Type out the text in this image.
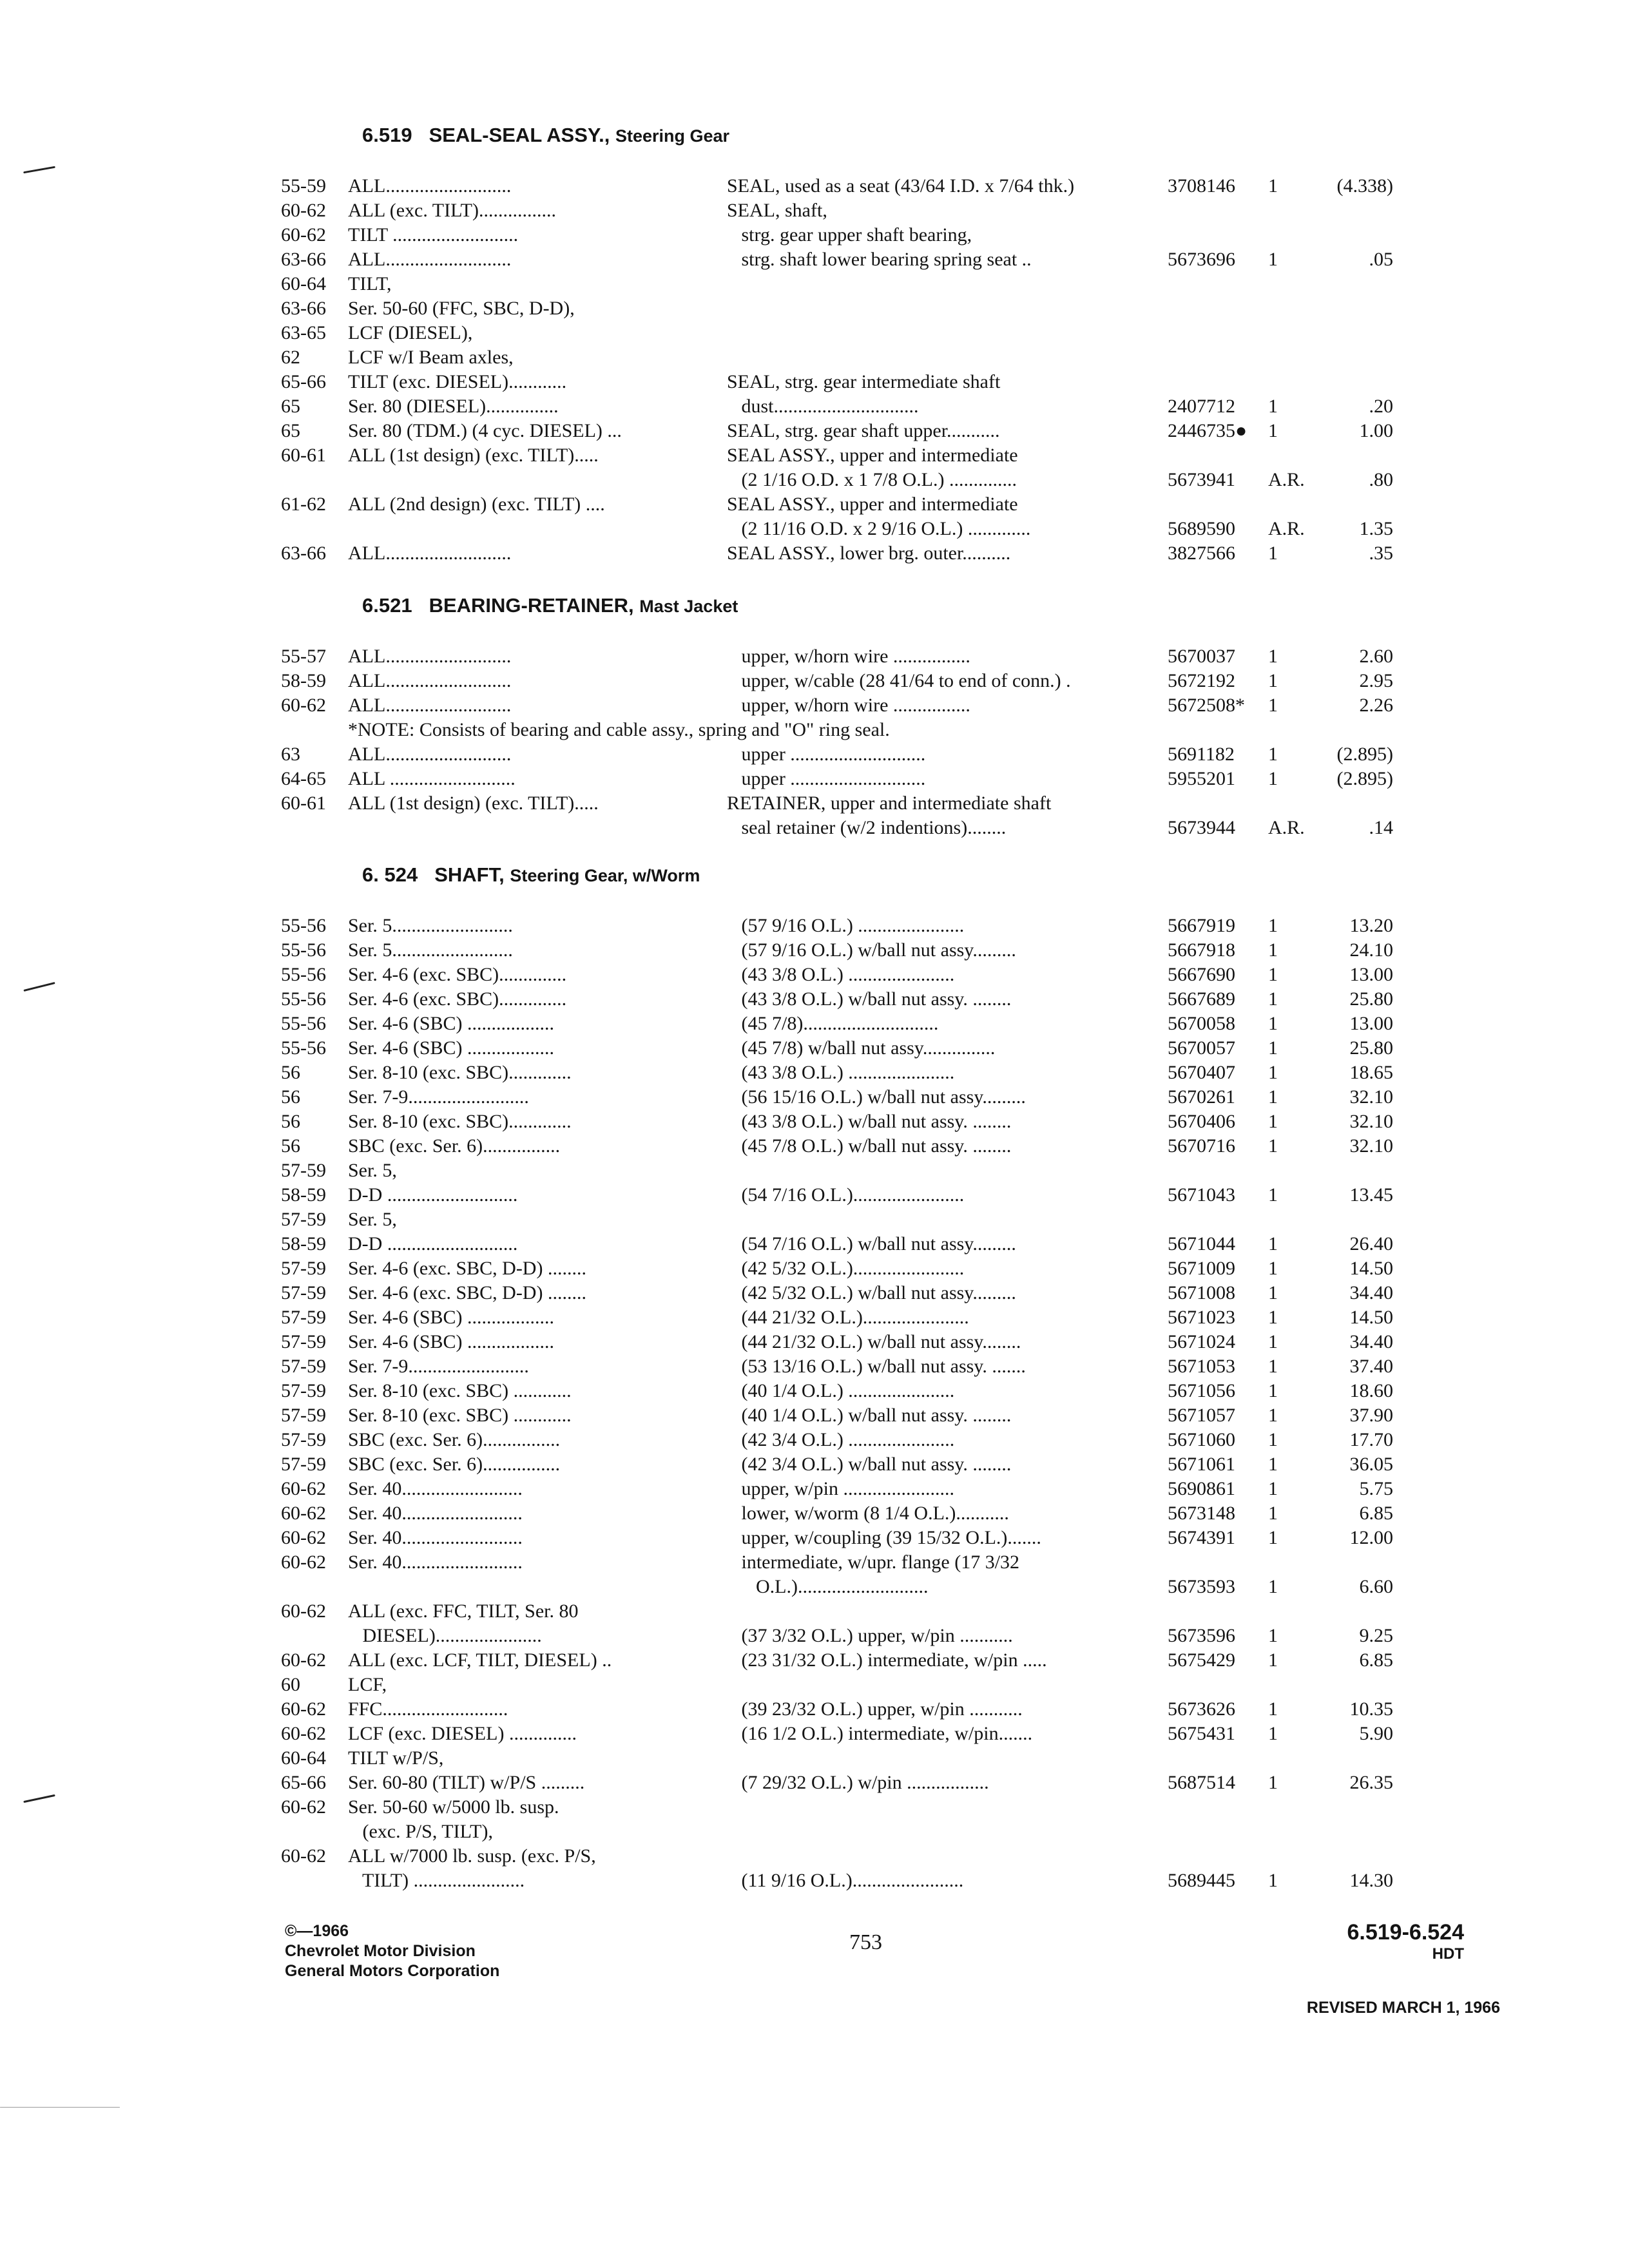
6.519 SEAL-SEAL ASSY., Steering Gear
55-59 ALL..........................	SEAL, used as a seat (43/64 I.D. x 7/64 thk.)	3708146 1	(4.338)
60-62 ALL (exc. TILT)................	SEAL, shaft,
60-62 TILT ..........................	strg. gear upper shaft bearing,
63-66 ALL..........................	strg. shaft lower bearing spring seat ..	5673696 1	.05
60-64 TILT,
63-66 Ser. 50-60 (FFC, SBC, D-D),
63-65 LCF (DIESEL),
62 LCF w/I Beam axles,
65-66 TILT (exc. DIESEL)............	SEAL, strg. gear intermediate shaft
65 Ser. 80 (DIESEL)...............	dust..............................	2407712 1	.20
65 Ser. 80 (TDM.) (4 cyc. DIESEL) ...	SEAL, strg. gear shaft upper...........	2446735● 1	1.00
60-61 ALL (1st design) (exc. TILT).....	SEAL ASSY., upper and intermediate
(2 1/16 O.D. x 1 7/8 O.L.) ..............	5673941 A.R.	.80
61-62 ALL (2nd design) (exc. TILT) ....	SEAL ASSY., upper and intermediate
(2 11/16 O.D. x 2 9/16 O.L.) .............	5689590 A.R.	1.35
63-66 ALL..........................	SEAL ASSY., lower brg. outer..........	3827566 1	.35
6.521 BEARING-RETAINER, Mast Jacket
55-57 ALL..........................	upper, w/horn wire ................	5670037 1	2.60
58-59 ALL..........................	upper, w/cable (28 41/64 to end of conn.) .	5672192 1	2.95
60-62 ALL..........................	upper, w/horn wire ................	5672508* 1	2.26
*NOTE: Consists of bearing and cable assy., spring and "O" ring seal.
63 ALL..........................	upper ............................	5691182 1	(2.895)
64-65 ALL ..........................	upper ............................	5955201 1	(2.895)
60-61 ALL (1st design) (exc. TILT).....	RETAINER, upper and intermediate shaft
seal retainer (w/2 indentions)........	5673944 A.R.	.14
6. 524 SHAFT, Steering Gear, w/Worm
55-56 Ser. 5.........................	(57 9/16 O.L.) ......................	5667919 1	13.20
55-56 Ser. 5.........................	(57 9/16 O.L.) w/ball nut assy.........	5667918 1	24.10
55-56 Ser. 4-6 (exc. SBC)..............	(43 3/8 O.L.) ......................	5667690 1	13.00
55-56 Ser. 4-6 (exc. SBC)..............	(43 3/8 O.L.) w/ball nut assy. ........	5667689 1	25.80
55-56 Ser. 4-6 (SBC) ..................	(45 7/8)............................	5670058 1	13.00
55-56 Ser. 4-6 (SBC) ..................	(45 7/8) w/ball nut assy...............	5670057 1	25.80
56 Ser. 8-10 (exc. SBC).............	(43 3/8 O.L.) ......................	5670407 1	18.65
56 Ser. 7-9.........................	(56 15/16 O.L.) w/ball nut assy.........	5670261 1	32.10
56 Ser. 8-10 (exc. SBC).............	(43 3/8 O.L.) w/ball nut assy. ........	5670406 1	32.10
56 SBC (exc. Ser. 6)................	(45 7/8 O.L.) w/ball nut assy. ........	5670716 1	32.10
57-59 Ser. 5,
58-59 D-D ...........................	(54 7/16 O.L.).......................	5671043 1	13.45
57-59 Ser. 5,
58-59 D-D ...........................	(54 7/16 O.L.) w/ball nut assy.........	5671044 1	26.40
57-59 Ser. 4-6 (exc. SBC, D-D) ........	(42 5/32 O.L.).......................	5671009 1	14.50
57-59 Ser. 4-6 (exc. SBC, D-D) ........	(42 5/32 O.L.) w/ball nut assy.........	5671008 1	34.40
57-59 Ser. 4-6 (SBC) ..................	(44 21/32 O.L.)......................	5671023 1	14.50
57-59 Ser. 4-6 (SBC) ..................	(44 21/32 O.L.) w/ball nut assy........	5671024 1	34.40
57-59 Ser. 7-9.........................	(53 13/16 O.L.) w/ball nut assy. .......	5671053 1	37.40
57-59 Ser. 8-10 (exc. SBC) ............	(40 1/4 O.L.) ......................	5671056 1	18.60
57-59 Ser. 8-10 (exc. SBC) ............	(40 1/4 O.L.) w/ball nut assy. ........	5671057 1	37.90
57-59 SBC (exc. Ser. 6)................	(42 3/4 O.L.) ......................	5671060 1	17.70
57-59 SBC (exc. Ser. 6)................	(42 3/4 O.L.) w/ball nut assy. ........	5671061 1	36.05
60-62 Ser. 40.........................	upper, w/pin .......................	5690861 1	5.75
60-62 Ser. 40.........................	lower, w/worm (8 1/4 O.L.)...........	5673148 1	6.85
60-62 Ser. 40.........................	upper, w/coupling (39 15/32 O.L.).......	5674391 1	12.00
60-62 Ser. 40.........................	intermediate, w/upr. flange (17 3/32
O.L.)...........................	5673593 1	6.60
60-62 ALL (exc. FFC, TILT, Ser. 80
DIESEL)......................	(37 3/32 O.L.) upper, w/pin ...........	5673596 1	9.25
60-62 ALL (exc. LCF, TILT, DIESEL) ..	(23 31/32 O.L.) intermediate, w/pin .....	5675429 1	6.85
60 LCF,
60-62 FFC..........................	(39 23/32 O.L.) upper, w/pin ...........	5673626 1	10.35
60-62 LCF (exc. DIESEL) ..............	(16 1/2 O.L.) intermediate, w/pin.......	5675431 1	5.90
60-64 TILT w/P/S,
65-66 Ser. 60-80 (TILT) w/P/S .........	(7 29/32 O.L.) w/pin .................	5687514 1	26.35
60-62 Ser. 50-60 w/5000 lb. susp.
(exc. P/S, TILT),
60-62 ALL w/7000 lb. susp. (exc. P/S,
TILT) .......................	(11 9/16 O.L.).......................	5689445 1	14.30
©—1966
Chevrolet Motor Division
General Motors Corporation
753	6.519-6.524
HDT
REVISED MARCH 1, 1966
